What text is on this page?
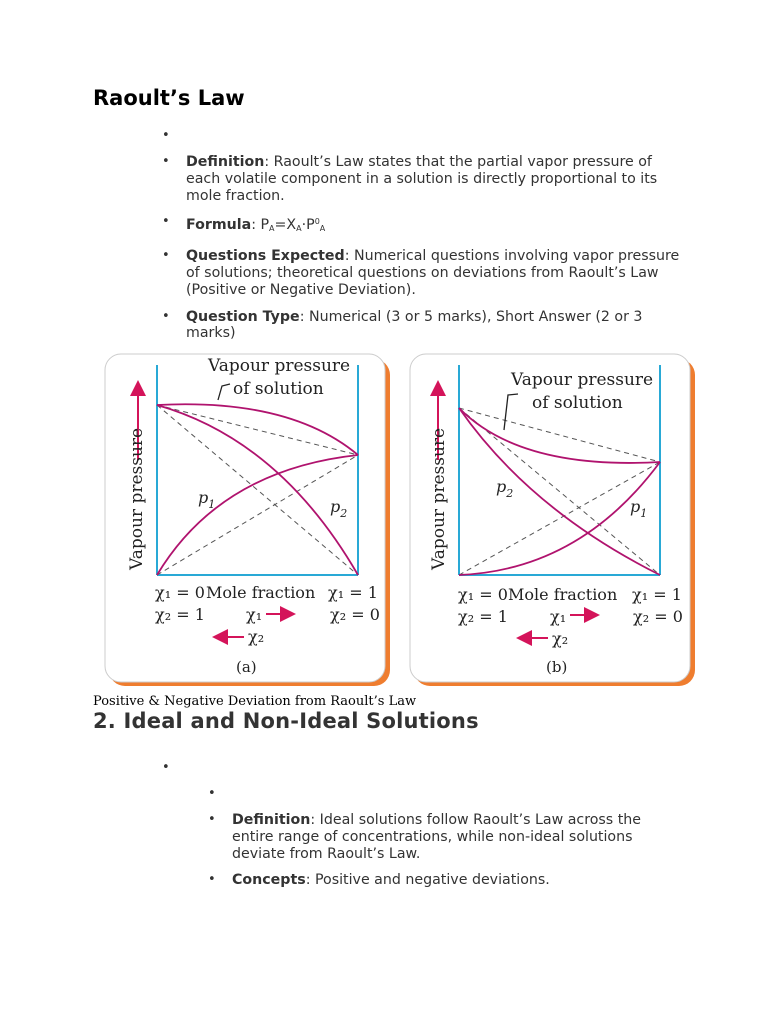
Raoult’s Law
•
• Definition: Raoult’s Law states that the partial vapor pressure of each volatile component in a solution is directly proportional to its mole fraction.
• Formula: $P_A=X_A\cdot P^0_A$
• Questions Expected: Numerical questions involving vapor pressure of solutions; theoretical questions on deviations from Raoult’s Law (Positive or Negative Deviation).
• Question Type: Numerical (3 or 5 marks), Short Answer (2 or 3 marks)
Vapour pressure
of solution
Vapour pressure	$p_1$	$p_2$
χ₁ = 0 Mole fraction χ₁ = 1
χ₂ = 1	χ₂ = 0
χ₁
χ₂
(a)
Vapour pressure
of solution
Vapour pressure	$p_2$
$p_1$
χ₁ = 0 Mole fraction χ₁ = 1
χ₂ = 1	χ₂ = 0
χ₁
χ₂
(b)
Positive & Negative Deviation from Raoult’s Law
2. Ideal and Non-Ideal Solutions
•
•
• Definition: Ideal solutions follow Raoult’s Law across the entire range of concentrations, while non-ideal solutions deviate from Raoult’s Law.
• Concepts: Positive and negative deviations.
